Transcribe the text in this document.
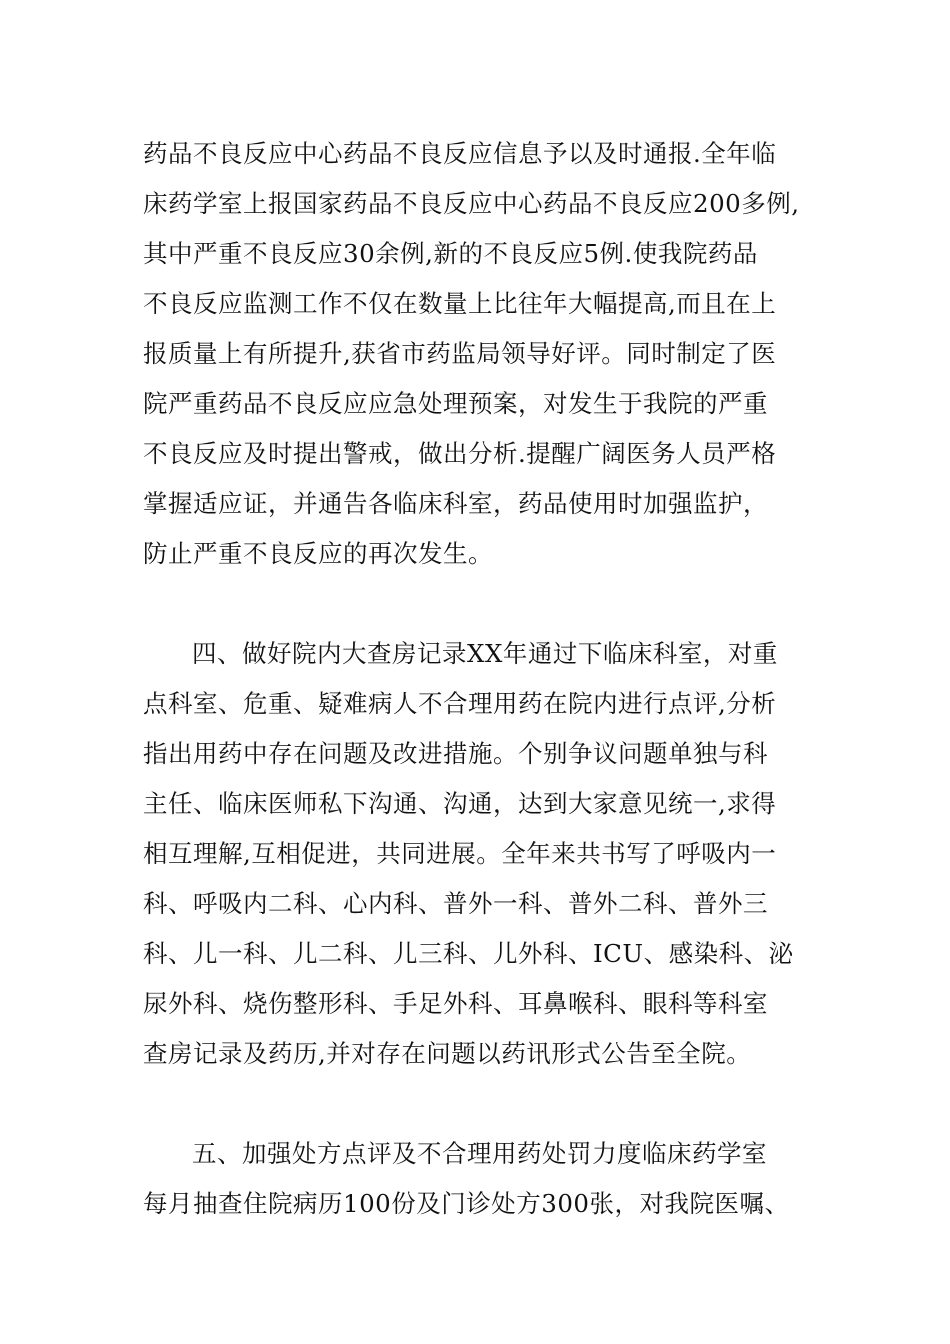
药品不良反应中心药品不良反应信息予以及时通报.全年临
床药学室上报国家药品不良反应中心药品不良反应200多例,
其中严重不良反应30余例,新的不良反应5例.使我院药品
不良反应监测工作不仅在数量上比往年大幅提高,而且在上
报质量上有所提升,获省市药监局领导好评。同时制定了医
院严重药品不良反应应急处理预案，对发生于我院的严重
不良反应及时提出警戒，做出分析.提醒广阔医务人员严格
掌握适应证，并通告各临床科室，药品使用时加强监护，
防止严重不良反应的再次发生。
四、做好院内大查房记录XX年通过下临床科室，对重
点科室、危重、疑难病人不合理用药在院内进行点评,分析
指出用药中存在问题及改进措施。个别争议问题单独与科
主任、临床医师私下沟通、沟通，达到大家意见统一,求得
相互理解,互相促进，共同进展。全年来共书写了呼吸内一
科、呼吸内二科、心内科、普外一科、普外二科、普外三
科、儿一科、儿二科、儿三科、儿外科、ICU、感染科、泌
尿外科、烧伤整形科、手足外科、耳鼻喉科、眼科等科室
查房记录及药历,并对存在问题以药讯形式公告至全院。
五、加强处方点评及不合理用药处罚力度临床药学室
每月抽查住院病历100份及门诊处方300张，对我院医嘱、
